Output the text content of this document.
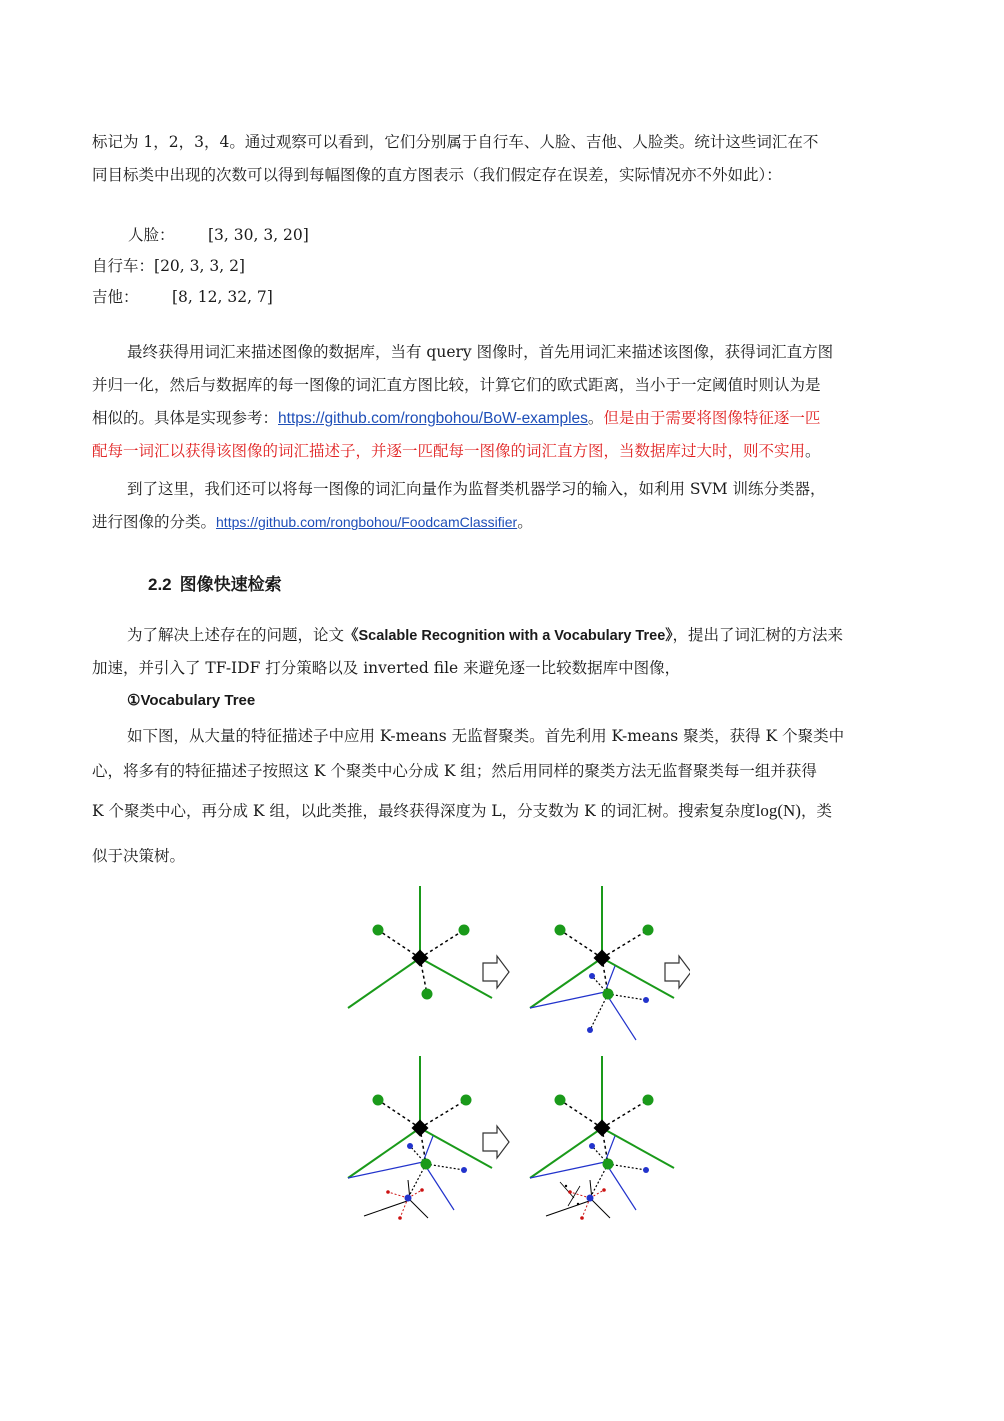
标记为 1，2，3，4。通过观察可以看到，它们分别属于自行车、人脸、吉他、人脸类。统计这些词汇在不
同目标类中出现的次数可以得到每幅图像的直方图表示（我们假定存在误差，实际情况亦不外如此）：
人脸： [3, 30, 3, 20]
自行车：[20, 3, 3, 2]
吉他： [8, 12, 32, 7]
最终获得用词汇来描述图像的数据库，当有 query 图像时，首先用词汇来描述该图像，获得词汇直方图
并归一化，然后与数据库的每一图像的词汇直方图比较，计算它们的欧式距离，当小于一定阈值时则认为是
相似的。具体是实现参考：https://github.com/rongbohou/BoW-examples。但是由于需要将图像特征逐一匹
配每一词汇以获得该图像的词汇描述子，并逐一匹配每一图像的词汇直方图，当数据库过大时，则不实用。
到了这里，我们还可以将每一图像的词汇向量作为监督类机器学习的输入，如利用 SVM 训练分类器，
进行图像的分类。https://github.com/rongbohou/FoodcamClassifier。
2.2 图像快速检索
为了解决上述存在的问题，论文《Scalable Recognition with a Vocabulary Tree》，提出了词汇树的方法来
加速，并引入了 TF-IDF 打分策略以及 inverted file 来避免逐一比较数据库中图像，
①Vocabulary Tree
如下图，从大量的特征描述子中应用 K-means 无监督聚类。首先利用 K-means 聚类，获得 K 个聚类中
心，将多有的特征描述子按照这 K 个聚类中心分成 K 组；然后用同样的聚类方法无监督聚类每一组并获得
K 个聚类中心，再分成 K 组，以此类推，最终获得深度为 L，分支数为 K 的词汇树。搜索复杂度log(N)，类
似于决策树。
